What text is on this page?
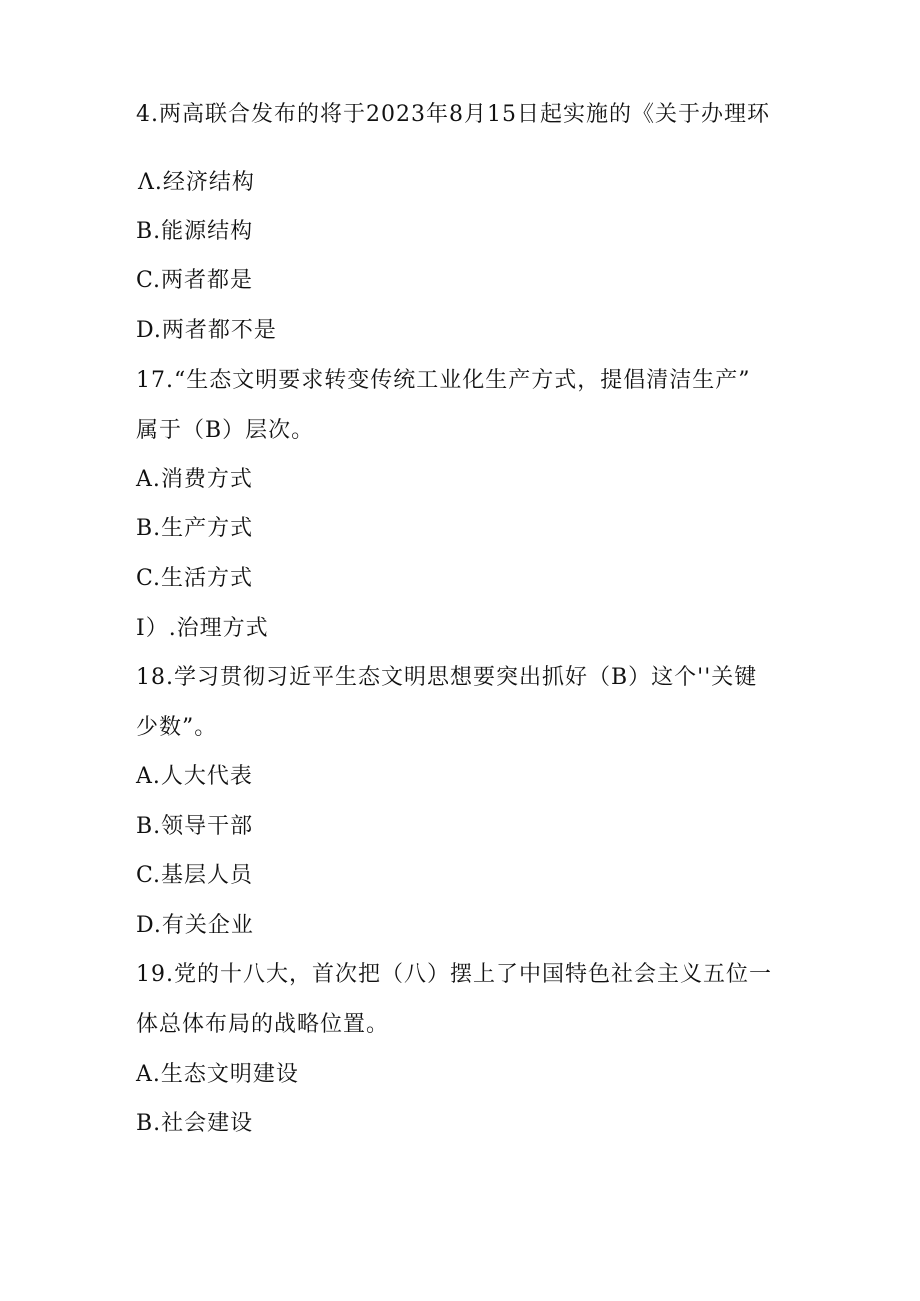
4.两高联合发布的将于2023年8月15日起实施的《关于办理环
Λ.经济结构
B.能源结构
C.两者都是
D.两者都不是
17.“生态文明要求转变传统工业化生产方式，提倡清洁生产”
属于（B）层次。
A.消费方式
B.生产方式
C.生活方式
I）.治理方式
18.学习贯彻习近平生态文明思想要突出抓好（B）这个''关键
少数”。
A.人大代表
B.领导干部
C.基层人员
D.有关企业
19.党的十八大，首次把（八）摆上了中国特色社会主义五位一
体总体布局的战略位置。
A.生态文明建设
B.社会建设
